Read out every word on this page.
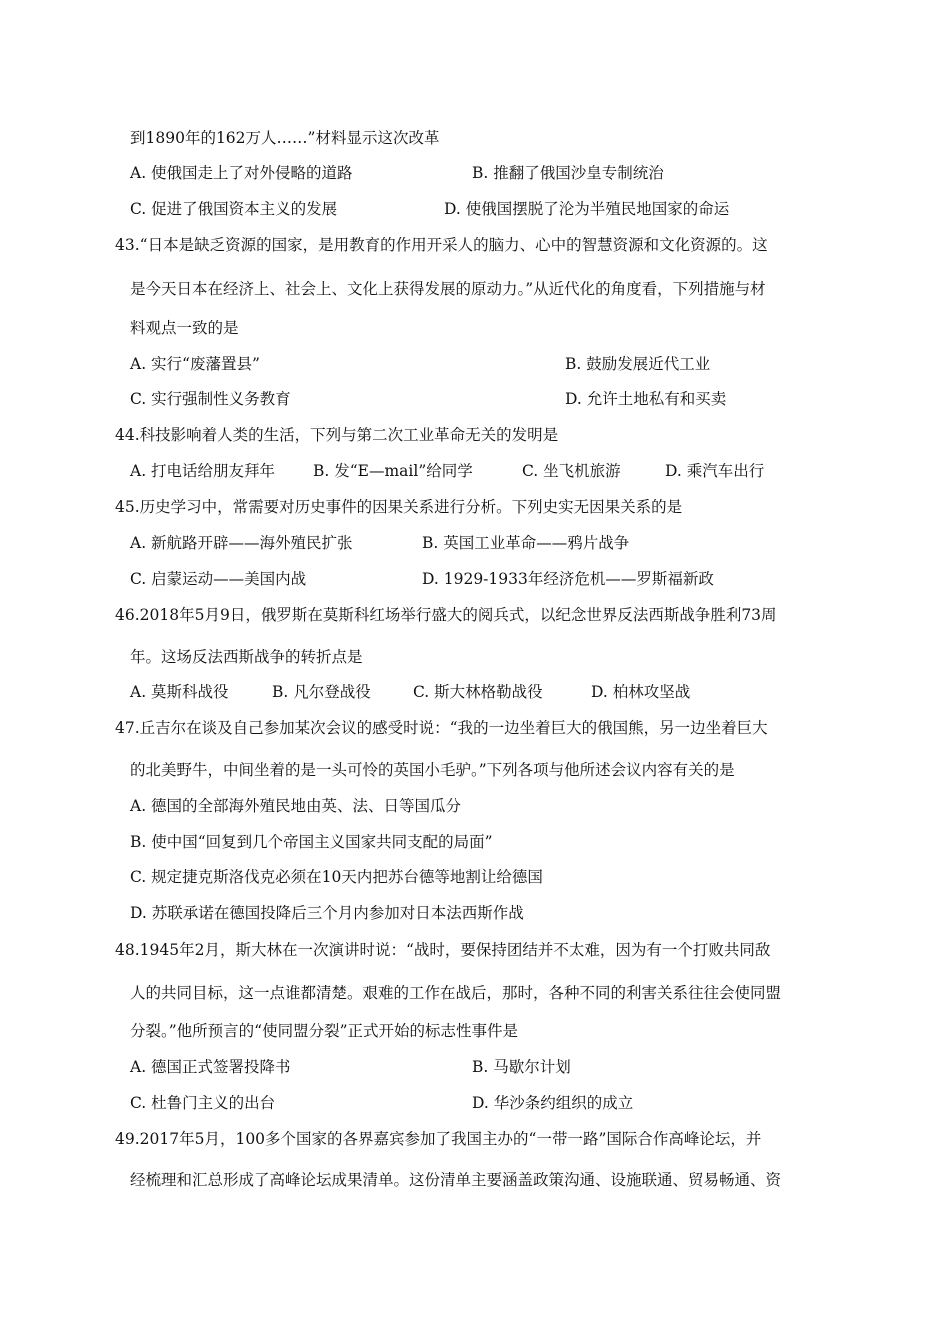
到1890年的162万人……”材料显示这次改革
A. 使俄国走上了对外侵略的道路	B. 推翻了俄国沙皇专制统治
C. 促进了俄国资本主义的发展	D. 使俄国摆脱了沦为半殖民地国家的命运
43.“日本是缺乏资源的国家，是用教育的作用开采人的脑力、心中的智慧资源和文化资源的。这
是今天日本在经济上、社会上、文化上获得发展的原动力。”从近代化的角度看，下列措施与材
料观点一致的是
A. 实行“废藩置县”	B. 鼓励发展近代工业
C. 实行强制性义务教育	D. 允许土地私有和买卖
44.科技影响着人类的生活，下列与第二次工业革命无关的发明是
A. 打电话给朋友拜年 B. 发“E—mail”给同学	C. 坐飞机旅游	D. 乘汽车出行
45.历史学习中，常需要对历史事件的因果关系进行分析。下列史实无因果关系的是
A. 新航路开辟——海外殖民扩张	B. 英国工业革命——鸦片战争
C. 启蒙运动——美国内战	D. 1929-1933年经济危机——罗斯福新政
46.2018年5月9日，俄罗斯在莫斯科红场举行盛大的阅兵式，以纪念世界反法西斯战争胜利73周
年。这场反法西斯战争的转折点是
A. 莫斯科战役	B. 凡尔登战役	C. 斯大林格勒战役	D. 柏林攻坚战
47.丘吉尔在谈及自己参加某次会议的感受时说：“我的一边坐着巨大的俄国熊，另一边坐着巨大
的北美野牛，中间坐着的是一头可怜的英国小毛驴。”下列各项与他所述会议内容有关的是
A. 德国的全部海外殖民地由英、法、日等国瓜分
B. 使中国“回复到几个帝国主义国家共同支配的局面”
C. 规定捷克斯洛伐克必须在10天内把苏台德等地割让给德国
D. 苏联承诺在德国投降后三个月内参加对日本法西斯作战
48.1945年2月，斯大林在一次演讲时说：“战时，要保持团结并不太难，因为有一个打败共同敌
人的共同目标，这一点谁都清楚。艰难的工作在战后，那时，各种不同的利害关系往往会使同盟
分裂。”他所预言的“使同盟分裂”正式开始的标志性事件是
A. 德国正式签署投降书	B. 马歇尔计划
C. 杜鲁门主义的出台	D. 华沙条约组织的成立
49.2017年5月，100多个国家的各界嘉宾参加了我国主办的“一带一路”国际合作高峰论坛，并
经梳理和汇总形成了高峰论坛成果清单。这份清单主要涵盖政策沟通、设施联通、贸易畅通、资
